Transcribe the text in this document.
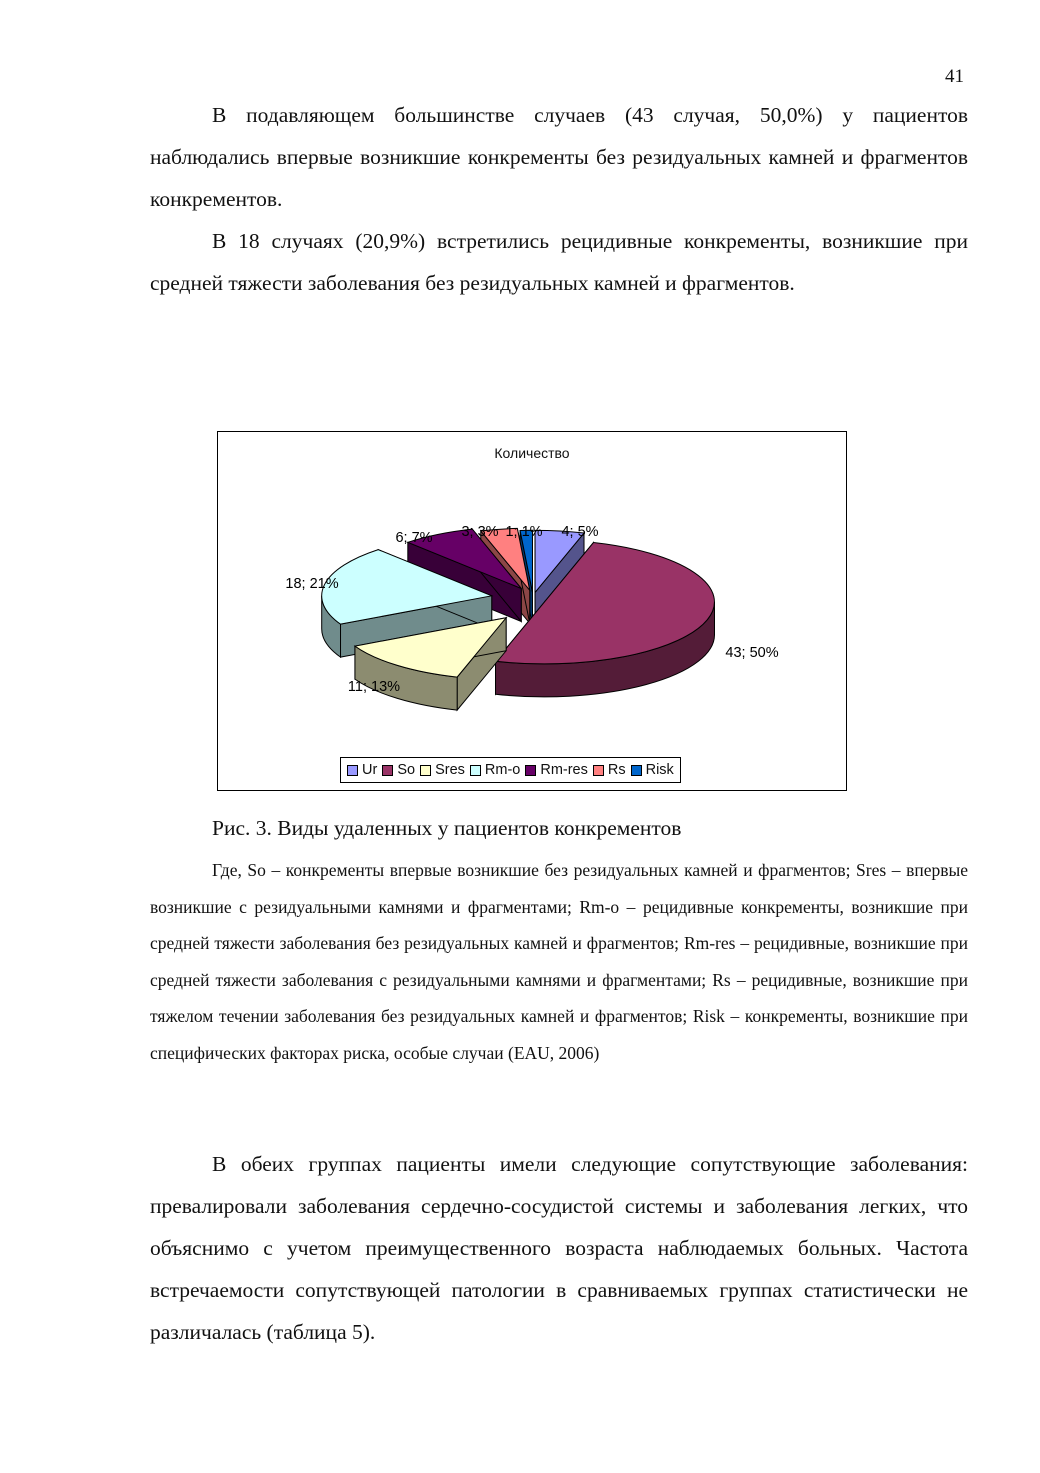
41

В подавляющем большинстве случаев (43 случая, 50,0%) у пациентов наблюдались впервые возникшие конкременты без резидуальных камней и фрагментов конкрементов.

В 18 случаях (20,9%) встретились рецидивные конкременты, возникшие при средней тяжести заболевания без резидуальных камней и фрагментов.

Количество
4; 5%
43; 50%
11; 13%
18; 21%
6; 7% 3; 3% 1; 1%
Ur So Sres Rm-o Rm-res Rs Risk
Рис. 3. Виды удаленных у пациентов конкрементов

Где, So – конкременты впервые возникшие без резидуальных камней и фрагментов; Sres – впервые возникшие с резидуальными камнями и фрагментами; Rm-o – рецидивные конкременты, возникшие при средней тяжести заболевания без резидуальных камней и фрагментов; Rm-res – рецидивные, возникшие при средней тяжести заболевания с резидуальными камнями и фрагментами; Rs – рецидивные, возникшие при тяжелом течении заболевания без резидуальных камней и фрагментов; Risk – конкременты, возникшие при специфических факторах риска, особые случаи (EAU, 2006)

В обеих группах пациенты имели следующие сопутствующие заболевания: превалировали заболевания сердечно-сосудистой системы и заболевания легких, что объяснимо с учетом преимущественного возраста наблюдаемых больных. Частота встречаемости сопутствующей патологии в сравниваемых группах статистически не различалась (таблица 5).
